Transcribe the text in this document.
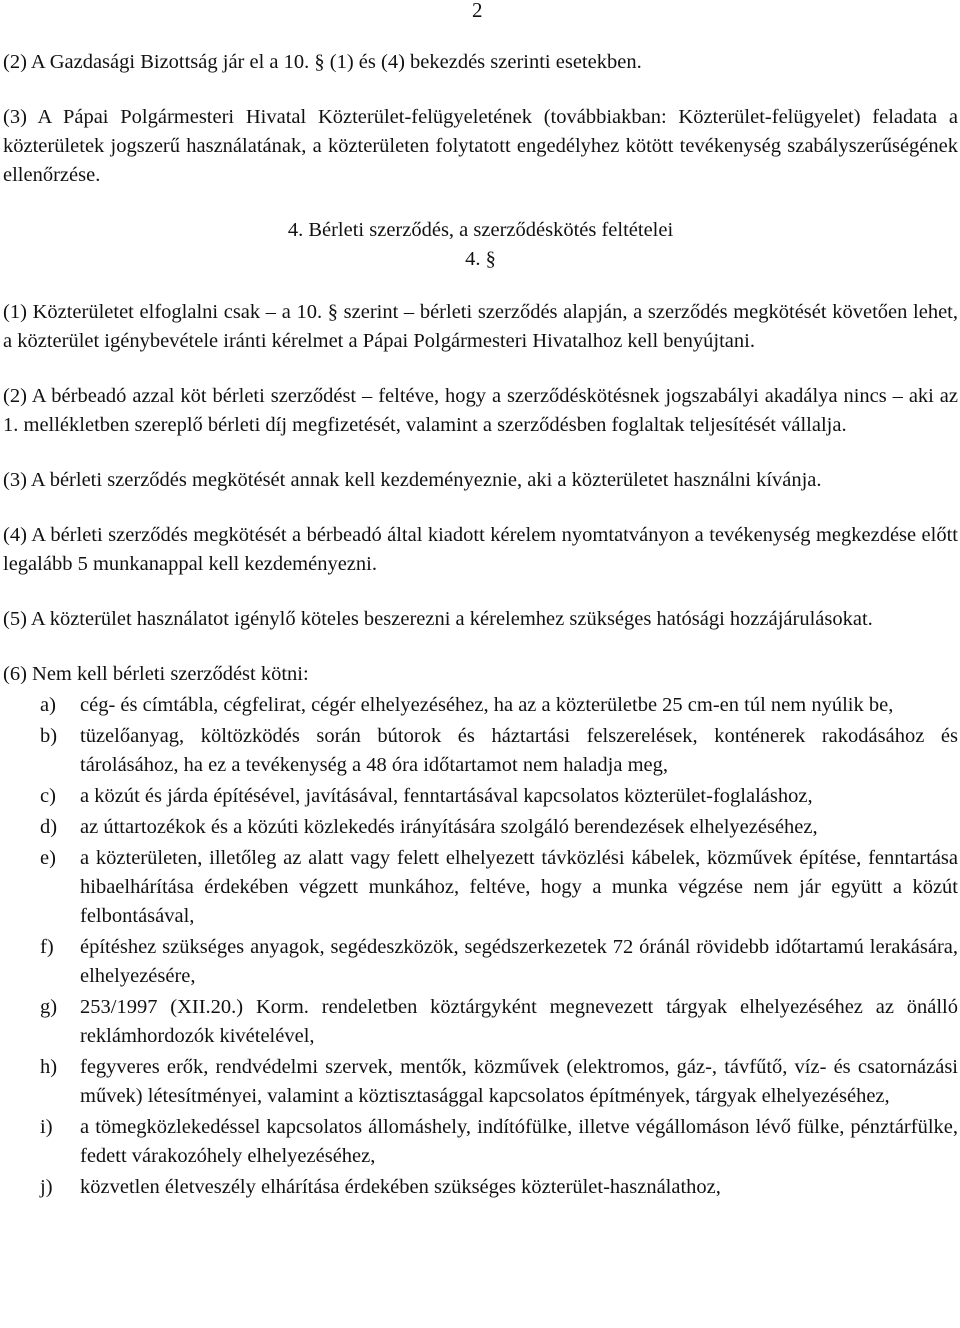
2

(2) A Gazdasági Bizottság jár el a 10. § (1) és (4) bekezdés szerinti esetekben.

(3) A Pápai Polgármesteri Hivatal Közterület-felügyeletének (továbbiakban: Közterület-felügyelet) feladata a közterületek jogszerű használatának, a közterületen folytatott engedélyhez kötött tevékenység szabályszerűségének ellenőrzése.

4. Bérleti szerződés, a szerződéskötés feltételei

4. §

(1) Közterületet elfoglalni csak – a 10. § szerint – bérleti szerződés alapján, a szerződés megkötését követően lehet, a közterület igénybevétele iránti kérelmet a Pápai Polgármesteri Hivatalhoz kell benyújtani.

(2) A bérbeadó azzal köt bérleti szerződést – feltéve, hogy a szerződéskötésnek jogszabályi akadálya nincs – aki az 1. mellékletben szereplő bérleti díj megfizetését, valamint a szerződésben foglaltak teljesítését vállalja.

(3) A bérleti szerződés megkötését annak kell kezdeményeznie, aki a közterületet használni kívánja.

(4) A bérleti szerződés megkötését a bérbeadó által kiadott kérelem nyomtatványon a tevékenység megkezdése előtt legalább 5 munkanappal kell kezdeményezni.

(5) A közterület használatot igénylő köteles beszerezni a kérelemhez szükséges hatósági hozzájárulásokat.

(6) Nem kell bérleti szerződést kötni:

a)	cég- és címtábla, cégfelirat, cégér elhelyezéséhez, ha az a közterületbe 25 cm-en túl nem nyúlik be,
b)	tüzelőanyag, költözködés során bútorok és háztartási felszerelések, konténerek rakodásához és tárolásához, ha ez a tevékenység a 48 óra időtartamot nem haladja meg,
c)	a közút és járda építésével, javításával, fenntartásával kapcsolatos közterület-foglaláshoz,
d)	az úttartozékok és a közúti közlekedés irányítására szolgáló berendezések elhelyezéséhez,
e)	a közterületen, illetőleg az alatt vagy felett elhelyezett távközlési kábelek, közművek építése, fenntartása hibaelhárítása érdekében végzett munkához, feltéve, hogy a munka végzése nem jár együtt a közút felbontásával,
f)	építéshez szükséges anyagok, segédeszközök, segédszerkezetek 72 óránál rövidebb időtartamú lerakására, elhelyezésére,
g)	253/1997 (XII.20.) Korm. rendeletben köztárgyként megnevezett tárgyak elhelyezéséhez az önálló reklámhordozók kivételével,
h)	fegyveres erők, rendvédelmi szervek, mentők, közművek (elektromos, gáz-, távfűtő, víz- és csatornázási művek) létesítményei, valamint a köztisztasággal kapcsolatos építmények, tárgyak elhelyezéséhez,
i)	a tömegközlekedéssel kapcsolatos állomáshely, indítófülke, illetve végállomáson lévő fülke, pénztárfülke, fedett várakozóhely elhelyezéséhez,
j)	közvetlen életveszély elhárítása érdekében szükséges közterület-használathoz,
